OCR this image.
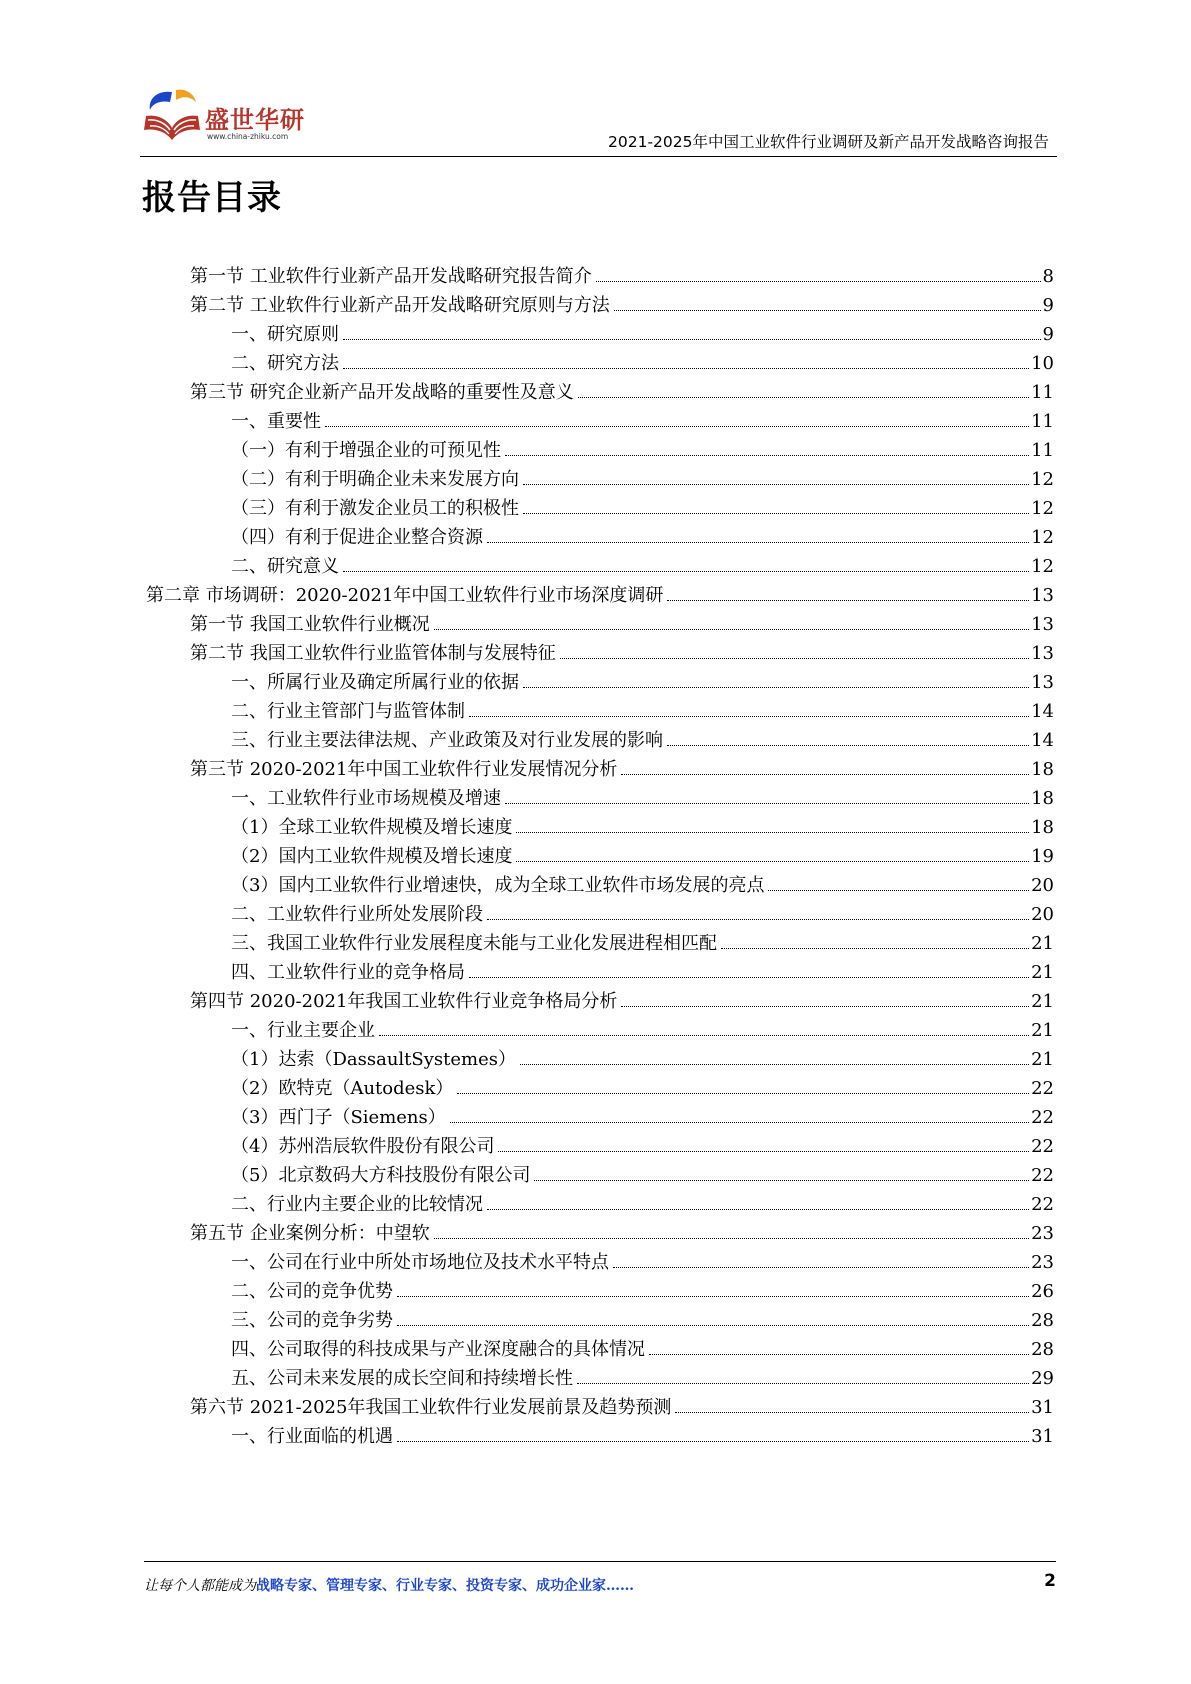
盛世华研
www.china-zhiku.com	2021-2025年中国工业软件行业调研及新产品开发战略咨询报告
报告目录
第一节 工业软件行业新产品开发战略研究报告简介	8
第二节 工业软件行业新产品开发战略研究原则与方法	9
一、研究原则	9
二、研究方法	10
第三节 研究企业新产品开发战略的重要性及意义	11
一、重要性	11
（一）有利于增强企业的可预见性	11
（二）有利于明确企业未来发展方向	12
（三）有利于激发企业员工的积极性	12
（四）有利于促进企业整合资源	12
二、研究意义	12
第二章 市场调研：2020-2021年中国工业软件行业市场深度调研	13
第一节 我国工业软件行业概况	13
第二节 我国工业软件行业监管体制与发展特征	13
一、所属行业及确定所属行业的依据	13
二、行业主管部门与监管体制	14
三、行业主要法律法规、产业政策及对行业发展的影响	14
第三节 2020-2021年中国工业软件行业发展情况分析	18
一、工业软件行业市场规模及增速	18
（1）全球工业软件规模及增长速度	18
（2）国内工业软件规模及增长速度	19
（3）国内工业软件行业增速快，成为全球工业软件市场发展的亮点	20
二、工业软件行业所处发展阶段	20
三、我国工业软件行业发展程度未能与工业化发展进程相匹配	21
四、工业软件行业的竞争格局	21
第四节 2020-2021年我国工业软件行业竞争格局分析	21
一、行业主要企业	21
（1）达索（DassaultSystemes）	21
（2）欧特克（Autodesk）	22
（3）西门子（Siemens）	22
（4）苏州浩辰软件股份有限公司	22
（5）北京数码大方科技股份有限公司	22
二、行业内主要企业的比较情况	22
第五节 企业案例分析：中望软	23
一、公司在行业中所处市场地位及技术水平特点	23
二、公司的竞争优势	26
三、公司的竞争劣势	28
四、公司取得的科技成果与产业深度融合的具体情况	28
五、公司未来发展的成长空间和持续增长性	29
第六节 2021-2025年我国工业软件行业发展前景及趋势预测	31
一、行业面临的机遇	31
让每个人都能成为战略专家、管理专家、行业专家、投资专家、成功企业家……	2
